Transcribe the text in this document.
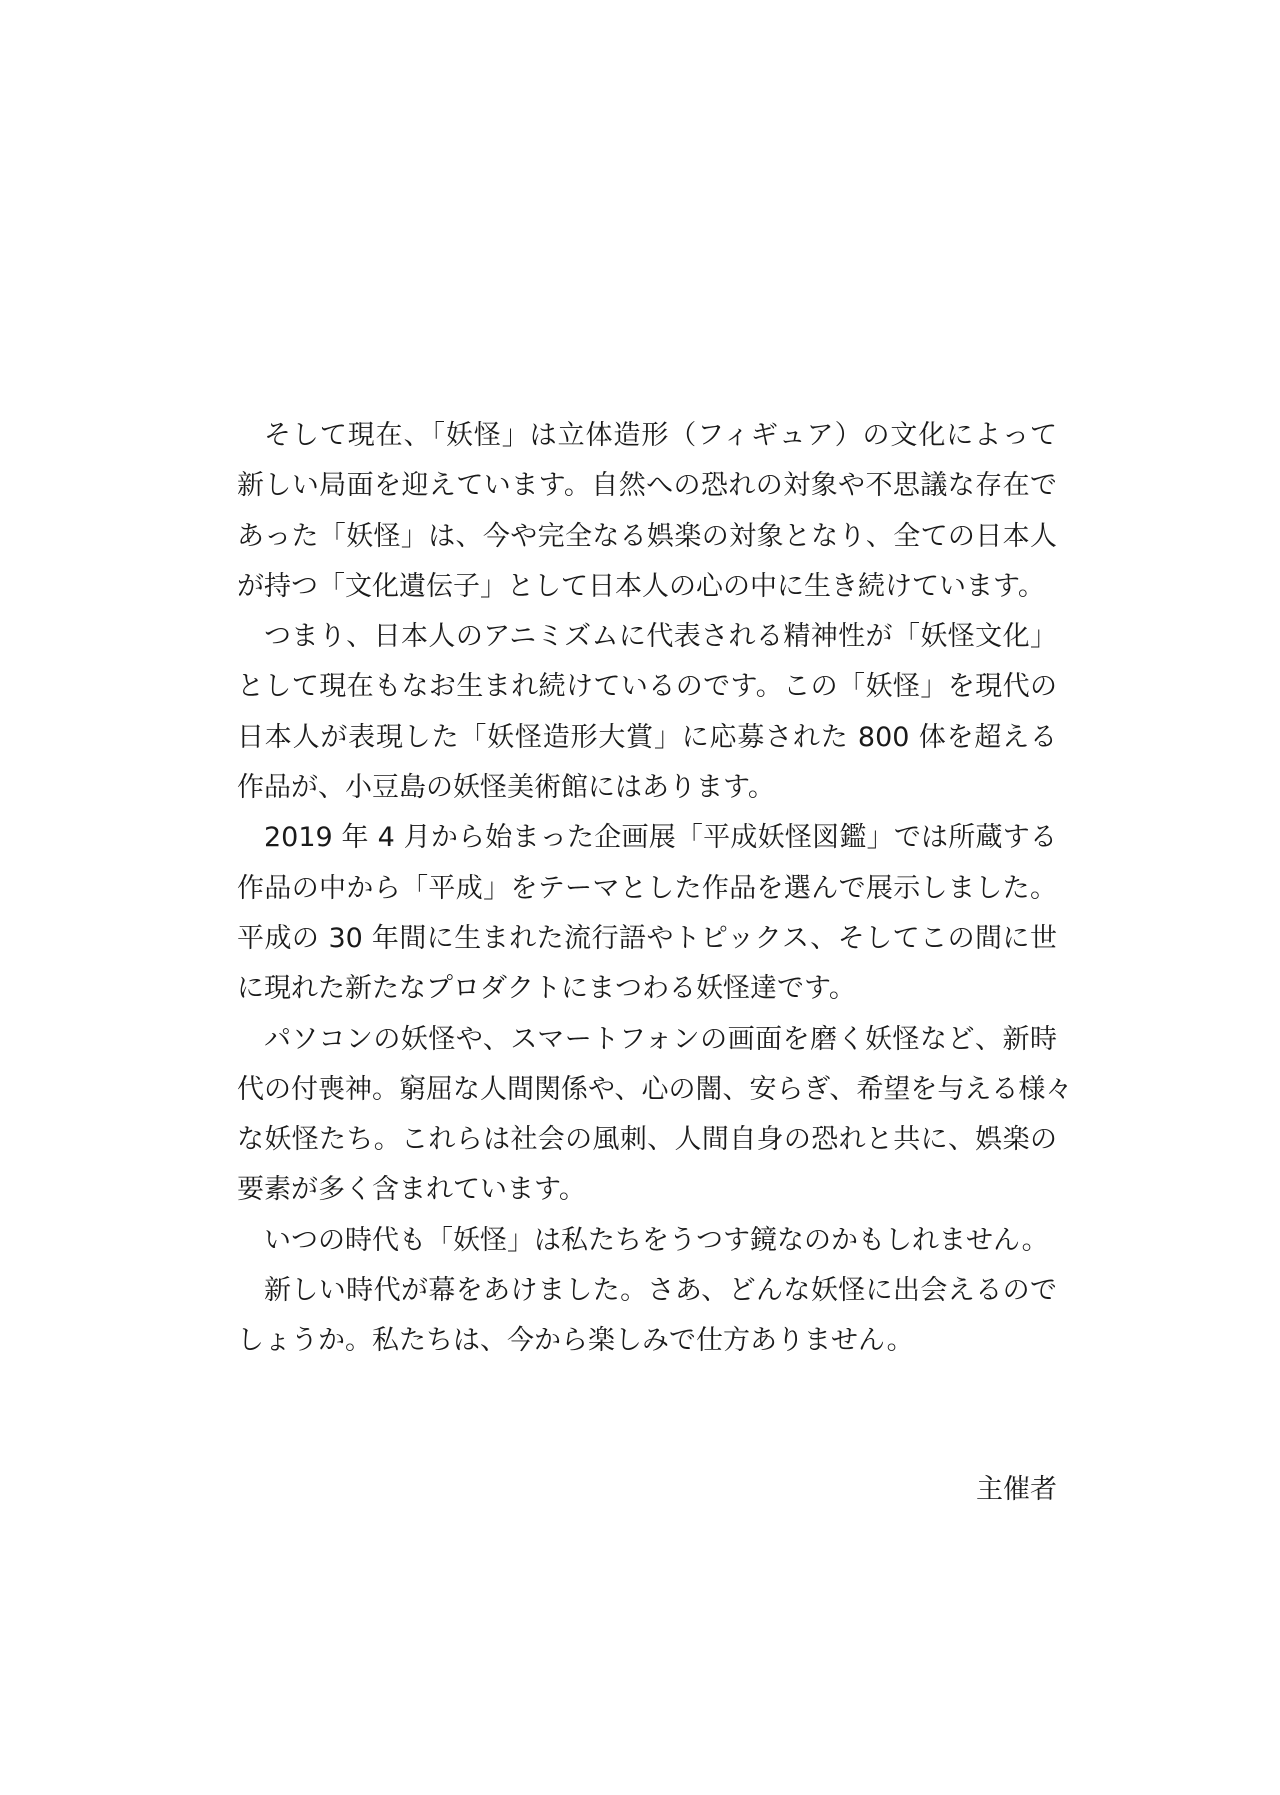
そして現在、「妖怪」は立体造形（フィギュア）の文化によって
新しい局面を迎えています。自然への恐れの対象や不思議な存在で
あった「妖怪」は、今や完全なる娯楽の対象となり、全ての日本人
が持つ「文化遺伝子」として日本人の心の中に生き続けています。
つまり、日本人のアニミズムに代表される精神性が「妖怪文化」
として現在もなお生まれ続けているのです。この「妖怪」を現代の
日本人が表現した「妖怪造形大賞」に応募された 800 体を超える
作品が、小豆島の妖怪美術館にはあります。
2019 年 4 月から始まった企画展「平成妖怪図鑑」では所蔵する
作品の中から「平成」をテーマとした作品を選んで展示しました。
平成の 30 年間に生まれた流行語やトピックス、そしてこの間に世
に現れた新たなプロダクトにまつわる妖怪達です。
パソコンの妖怪や、スマートフォンの画面を磨く妖怪など、新時
代の付喪神。窮屈な人間関係や、心の闇、安らぎ、希望を与える様々
な妖怪たち。これらは社会の風刺、人間自身の恐れと共に、娯楽の
要素が多く含まれています。
いつの時代も「妖怪」は私たちをうつす鏡なのかもしれません。
新しい時代が幕をあけました。さあ、どんな妖怪に出会えるので
しょうか。私たちは、今から楽しみで仕方ありません。
主催者
